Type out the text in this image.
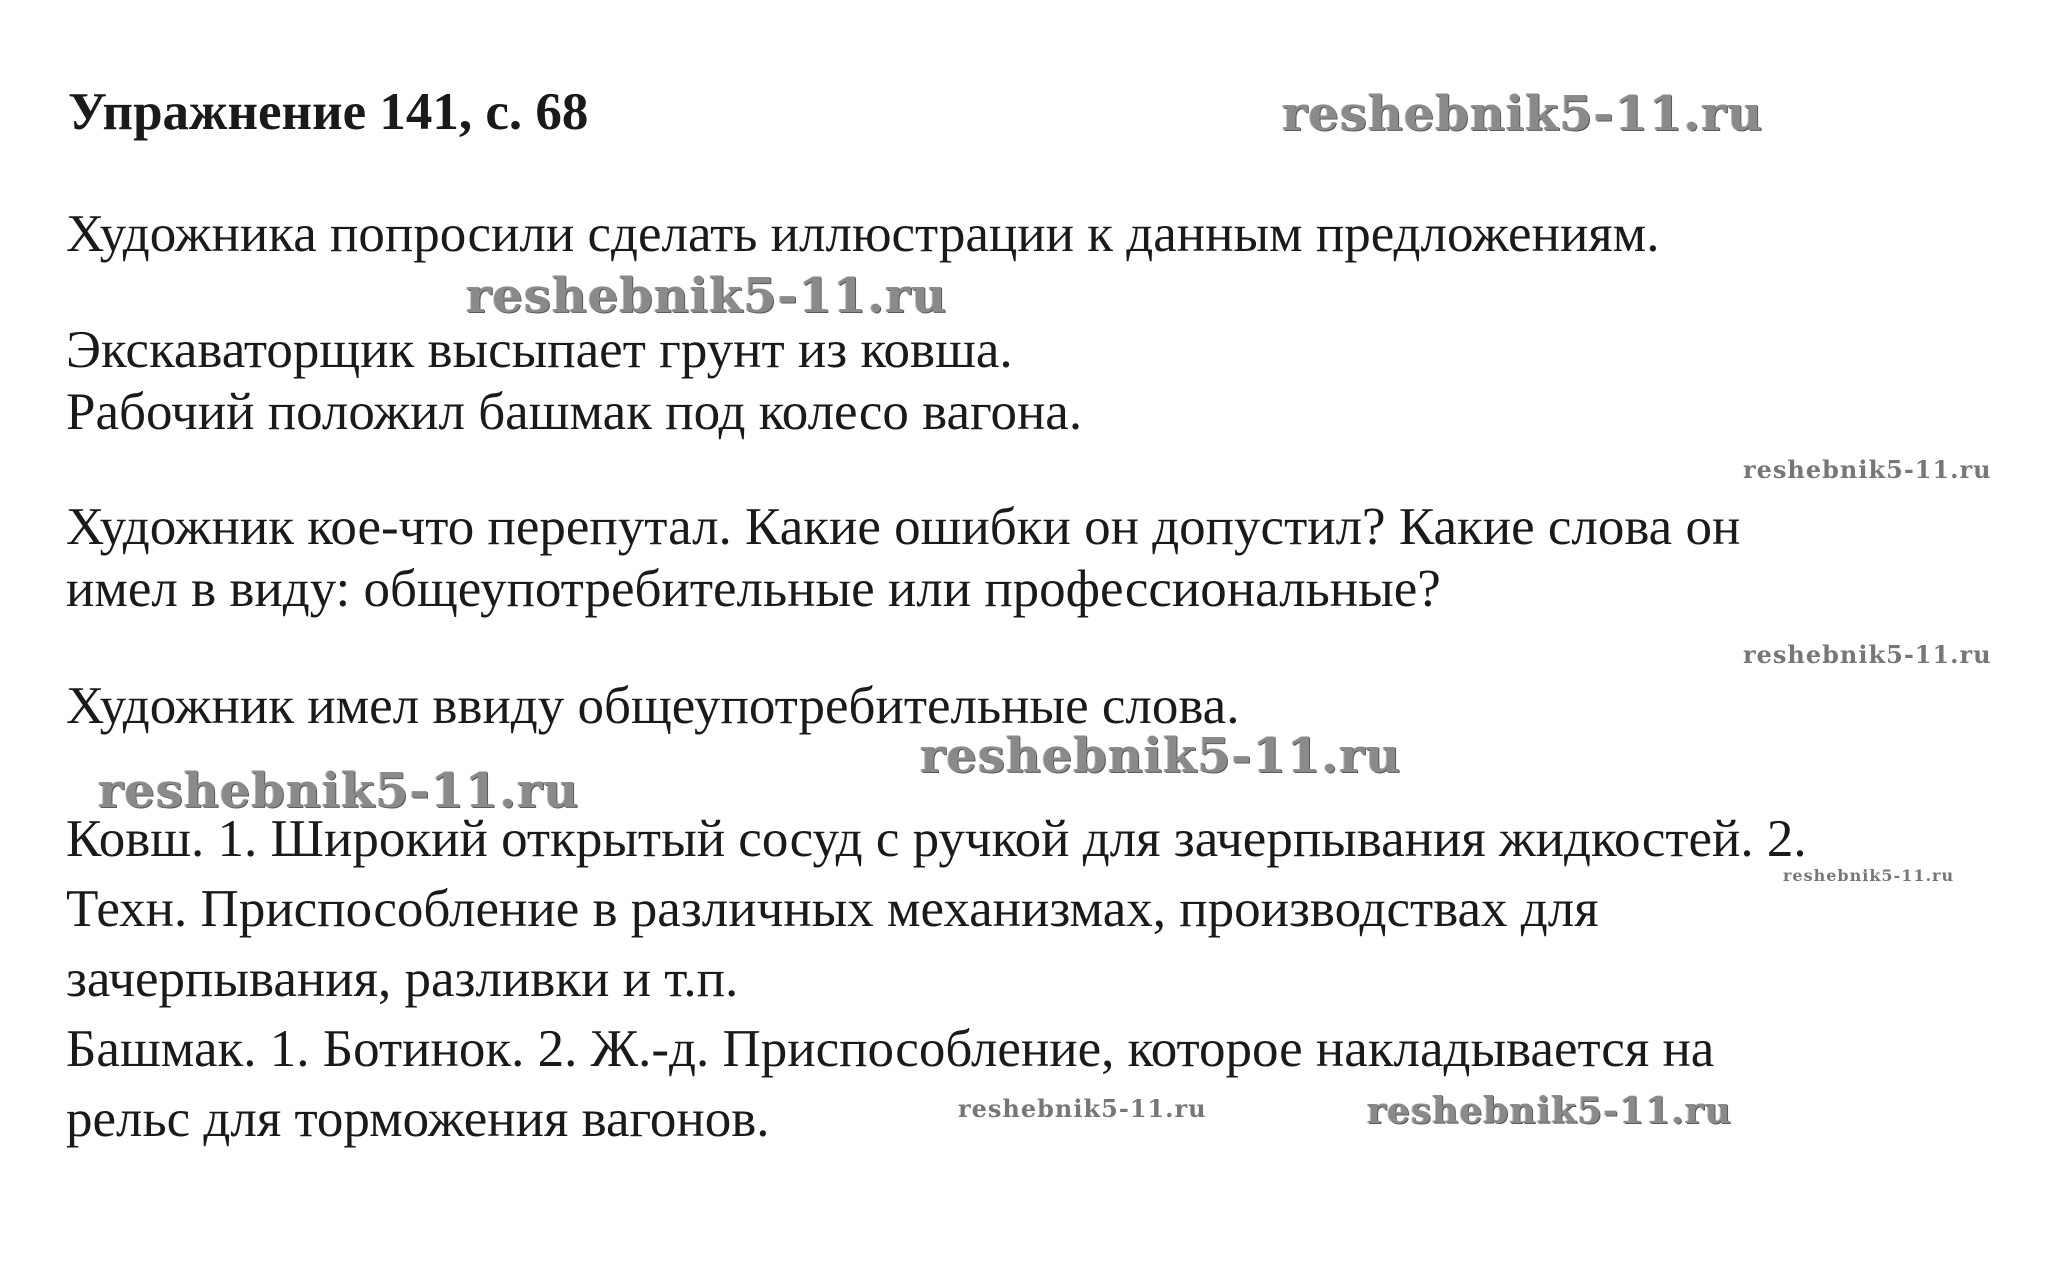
Упражнение 141, с. 68
Художника попросили сделать иллюстрации к данным предложениям.
Экскаваторщик высыпает грунт из ковша.
Рабочий положил башмак под колесо вагона.
Художник кое-что перепутал. Какие ошибки он допустил? Какие слова он
имел в виду: общеупотребительные или профессиональные?
Художник имел ввиду общеупотребительные слова.
Ковш. 1. Широкий открытый сосуд с ручкой для зачерпывания жидкостей. 2.
Техн. Приспособление в различных механизмах, производствах для
зачерпывания, разливки и т.п.
Башмак. 1. Ботинок. 2. Ж.-д. Приспособление, которое накладывается на
рельс для торможения вагонов.
reshebnik5-11.ru
reshebnik5-11.ru
reshebnik5-11.ru
reshebnik5-11.ru
reshebnik5-11.ru
reshebnik5-11.ru
reshebnik5-11.ru
reshebnik5-11.ru	reshebnik5-11.ru
